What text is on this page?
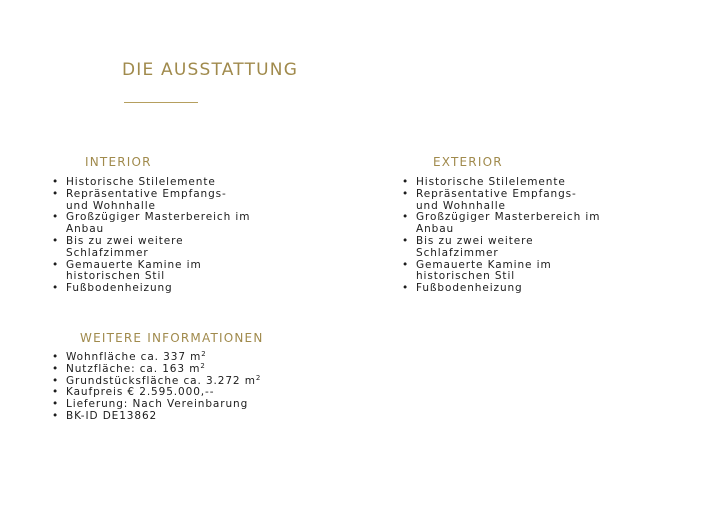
DIE AUSSTATTUNG
INTERIOR
• Historische Stilelemente
• Repräsentative Empfangs-
und Wohnhalle
• Großzügiger Masterbereich im
Anbau
• Bis zu zwei weitere
Schlafzimmer
• Gemauerte Kamine im
historischen Stil
• Fußbodenheizung
EXTERIOR
• Historische Stilelemente
• Repräsentative Empfangs-
und Wohnhalle
• Großzügiger Masterbereich im
Anbau
• Bis zu zwei weitere
Schlafzimmer
• Gemauerte Kamine im
historischen Stil
• Fußbodenheizung
WEITERE INFORMATIONEN
• Wohnfläche ca. 337 $m^2$
• Nutzfläche: ca. 163 $m^2$
• Grundstücksfläche ca. 3.272 $m^2$
• Kaufpreis € 2.595.000,--
• Lieferung: Nach Vereinbarung
• BK-ID DE13862
